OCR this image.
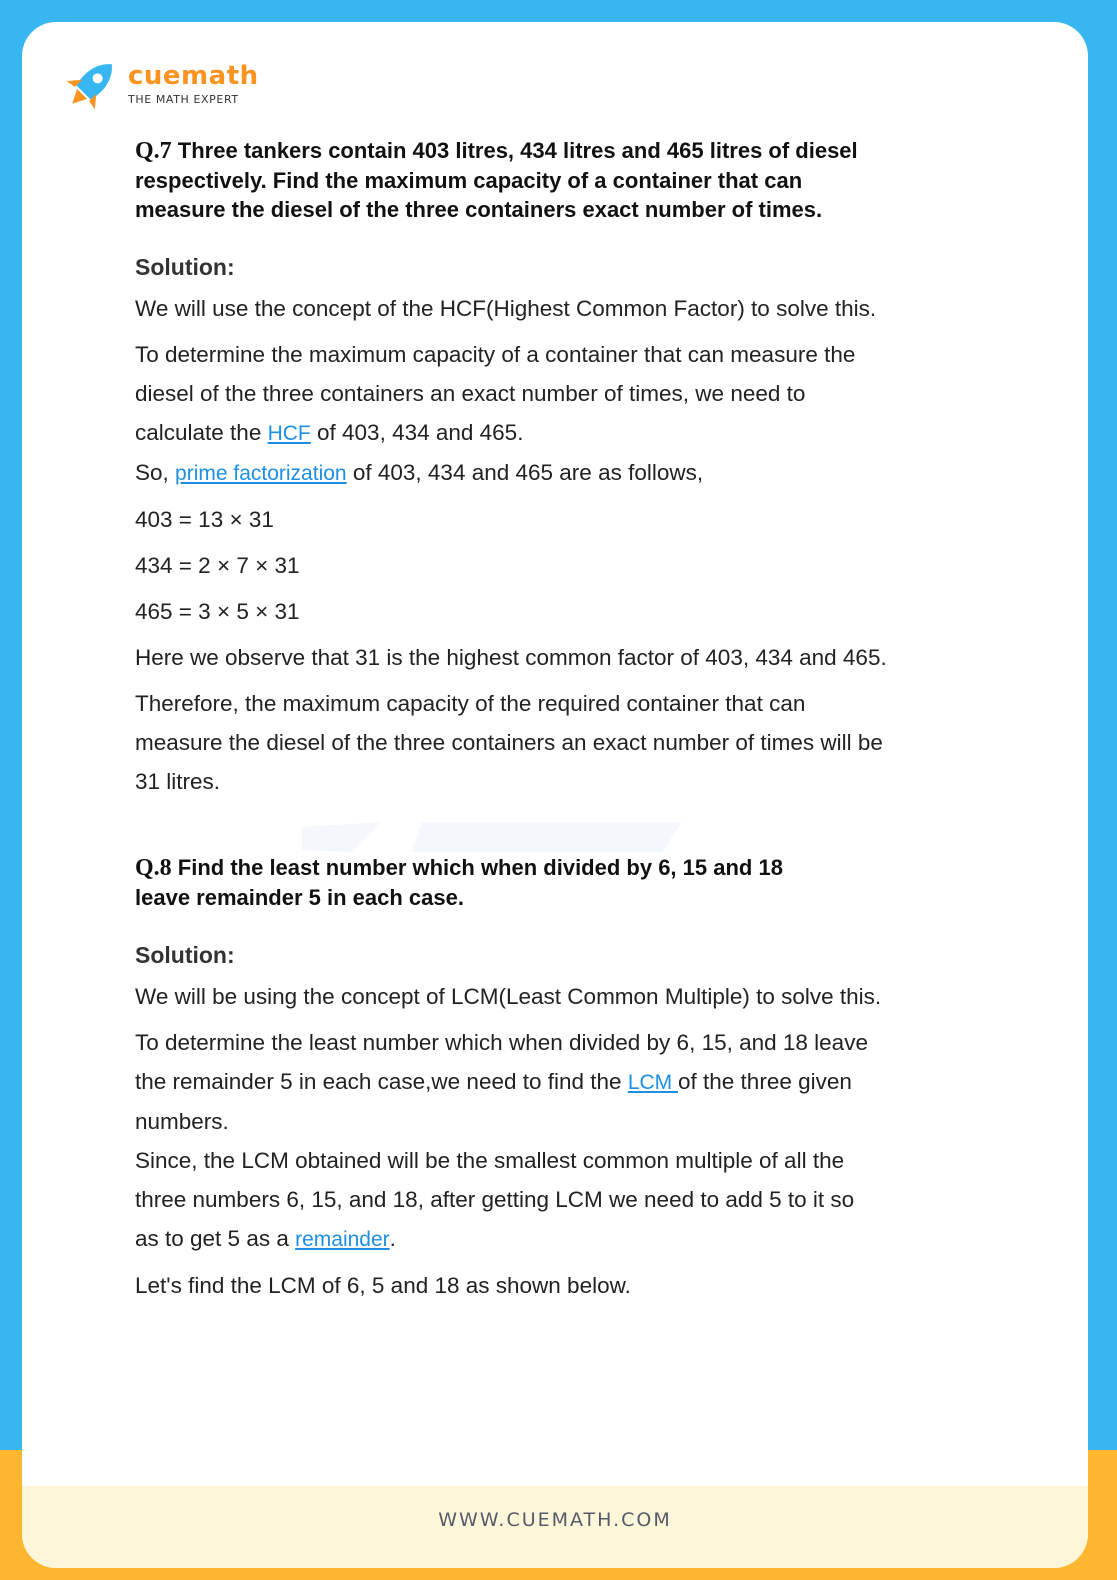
cuemath
THE MATH EXPERT
Q.7 Three tankers contain 403 litres, 434 litres and 465 litres of diesel
respectively. Find the maximum capacity of a container that can
measure the diesel of the three containers exact number of times.
Solution:

We will use the concept of the HCF(Highest Common Factor) to solve this.

To determine the maximum capacity of a container that can measure the

diesel of the three containers an exact number of times, we need to

calculate the HCF of 403, 434 and 465.

So, prime factorization of 403, 434 and 465 are as follows,

403 = 13 × 31

434 = 2 × 7 × 31

465 = 3 × 5 × 31

Here we observe that 31 is the highest common factor of 403, 434 and 465.

Therefore, the maximum capacity of the required container that can

measure the diesel of the three containers an exact number of times will be

31 litres.

Q.8 Find the least number which when divided by 6, 15 and 18
leave remainder 5 in each case.
Solution:

We will be using the concept of LCM(Least Common Multiple) to solve this.

To determine the least number which when divided by 6, 15, and 18 leave

the remainder 5 in each case,we need to find the LCM of the three given

numbers.

Since, the LCM obtained will be the smallest common multiple of all the

three numbers 6, 15, and 18, after getting LCM we need to add 5 to it so

as to get 5 as a remainder.

Let's find the LCM of 6, 5 and 18 as shown below.

WWW.CUEMATH.COM
